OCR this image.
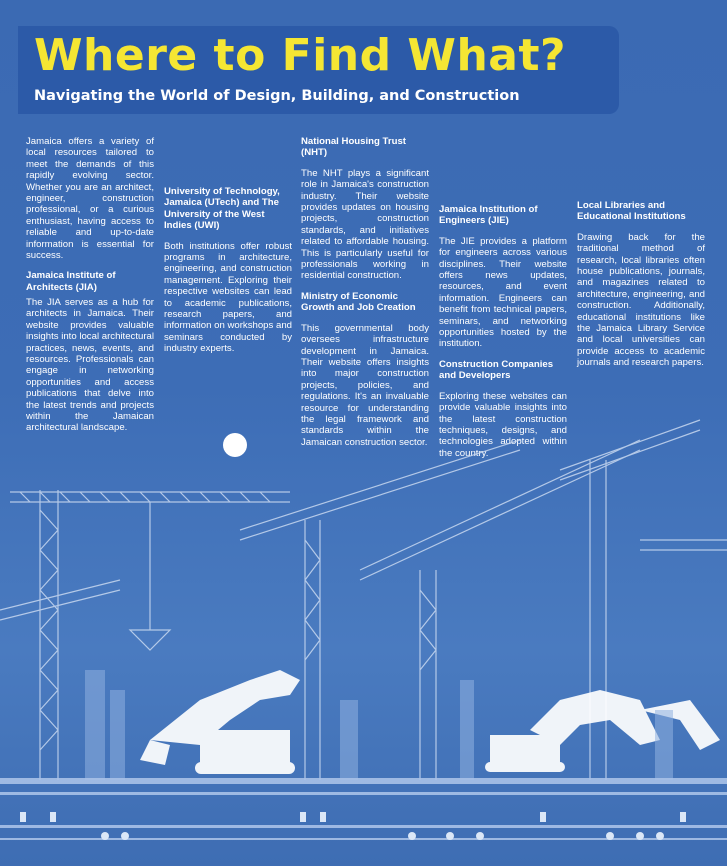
Where to Find What?
Navigating the World of Design, Building, and Construction

Jamaica offers a variety of local resources tailored to meet the demands of this rapidly evolving sector. Whether you are an architect, engineer, construction professional, or a curious enthusiast, having access to reliable and up-to-date information is essential for success.

Jamaica Institute of Architects (JIA)

The JIA serves as a hub for architects in Jamaica. Their website provides valuable insights into local architectural practices, news, events, and resources. Professionals can engage in networking opportunities and access publications that delve into the latest trends and projects within the Jamaican architectural landscape.

University of Technology, Jamaica (UTech) and The University of the West Indies (UWI)

Both institutions offer robust programs in architecture, engineering, and construction management. Exploring their respective websites can lead to academic publications, research papers, and information on workshops and seminars conducted by industry experts.

National Housing Trust (NHT)

The NHT plays a significant role in Jamaica's construction industry. Their website provides updates on housing projects, construction standards, and initiatives related to affordable housing. This is particularly useful for professionals working in residential construction.

Ministry of Economic Growth and Job Creation

This governmental body oversees infrastructure development in Jamaica. Their website offers insights into major construction projects, policies, and regulations. It's an invaluable resource for understanding the legal framework and standards within the Jamaican construction sector.

Jamaica Institution of Engineers (JIE)

The JIE provides a platform for engineers across various disciplines. Their website offers news updates, resources, and event information. Engineers can benefit from technical papers, seminars, and networking opportunities hosted by the institution.

Construction Companies and Developers

Exploring these websites can provide valuable insights into the latest construction techniques, designs, and technologies adopted within the country.

Local Libraries and Educational Institutions

Drawing back for the traditional method of research, local libraries often house publications, journals, and magazines related to architecture, engineering, and construction. Additionally, educational institutions like the Jamaica Library Service and local universities can provide access to academic journals and research papers.
